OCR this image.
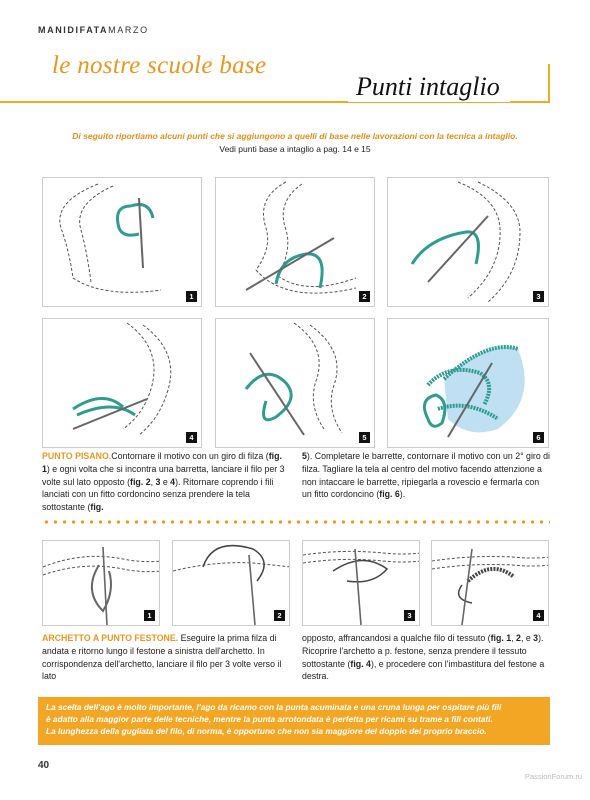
MANIDIFATAMARZO
le nostre scuole base
Punti intaglio
Di seguito riportiamo alcuni punti che si aggiungono a quelli di base nelle lavorazioni con la tecnica a intaglio.
Vedi punti base a intaglio a pag. 14 e 15
1	2	3
4	5	6
PUNTO PISANO.Contornare il motivo con un giro di filza (fig. 1) e ogni volta che si incontra una barretta, lanciare il filo per 3 volte sul lato opposto (fig. 2, 3 e 4). Ritornare coprendo i fili lanciati con un fitto cordoncino senza prendere la tela sottostante (fig.
5). Completare le barrette, contornare il motivo con un 2° giro di filza. Tagliare la tela al centro del motivo facendo attenzione a non intaccare le barrette, ripiegarla a rovescio e fermarla con un fitto cordoncino (fig. 6).
1	2	3	4
ARCHETTO A PUNTO FESTONE. Eseguire la prima filza di andata e ritorno lungo il festone a sinistra dell'archetto. In corrispondenza dell'archetto, lanciare il filo per 3 volte verso il lato
opposto, affrancandosi a qualche filo di tessuto (fig. 1, 2, e 3). Ricoprire l'archetto a p. festone, senza prendere il tessuto sottostante (fig. 4), e procedere con l'imbastitura del festone a destra.

La scelta dell'ago è molto importante, l'ago da ricamo con la punta acuminata e una cruna lunga per ospitare più fili

è adatto alla maggior parte delle tecniche, mentre la punta arrotondata è perfetta per ricami su trame a fili contati.

La lunghezza della gugliata del filo, di norma, è opportuno che non sia maggiore del doppio del proprio braccio.

40
PassionForum.ru
